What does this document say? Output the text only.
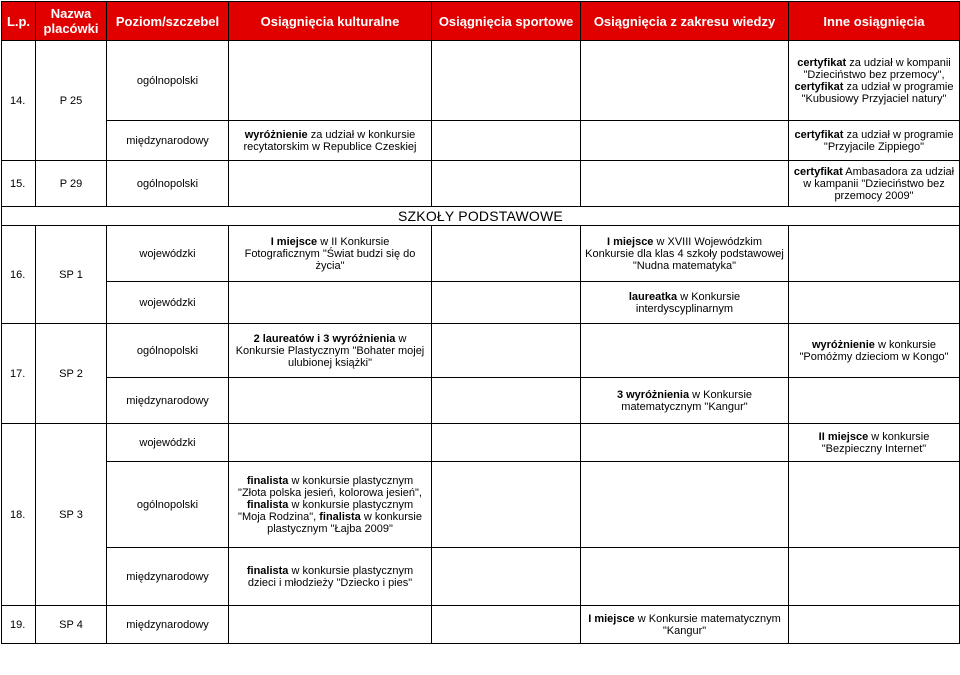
L.p.	Nazwa placówki	Poziom/szczebel	Osiągnięcia kulturalne	Osiągnięcia sportowe	Osiągnięcia z zakresu wiedzy	Inne osiągnięcia
14.	P 25	ogólnopolski				certyfikat za udział w kompanii "Dzieciństwo bez przemocy", certyfikat za udział w programie "Kubusiowy Przyjaciel natury"
		międzynarodowy	wyróżnienie za udział w konkursie recytatorskim w Republice Czeskiej			certyfikat za udział w programie "Przyjacile Zippiego"
15.	P 29	ogólnopolski				certyfikat Ambasadora za udział w kampanii "Dzieciństwo bez przemocy 2009"
SZKOŁY PODSTAWOWE						
16.	SP 1	wojewódzki	I miejsce w II Konkursie Fotograficznym "Świat budzi się do życia"		I miejsce w XVIII Wojewódzkim Konkursie dla klas 4 szkoły podstawowej "Nudna matematyka"	
		wojewódzki			laureatka w Konkursie interdyscyplinarnym	
17.	SP 2	ogólnopolski	2 laureatów i 3 wyróżnienia w Konkursie Plastycznym "Bohater mojej ulubionej książki"			wyróżnienie w konkursie "Pomóżmy dzieciom w Kongo"
		międzynarodowy			3 wyróżnienia w Konkursie matematycznym "Kangur"	
18.	SP 3	wojewódzki				II miejsce w konkursie "Bezpieczny Internet"
		ogólnopolski	finalista w konkursie plastycznym "Złota polska jesień, kolorowa jesień", finalista w konkursie plastycznym "Moja Rodzina", finalista w konkursie plastycznym "Łajba 2009"			
		międzynarodowy	finalista w konkursie plastycznym dzieci i młodzieży "Dziecko i pies"			
19.	SP 4	międzynarodowy			I miejsce w Konkursie matematycznym "Kangur"	
